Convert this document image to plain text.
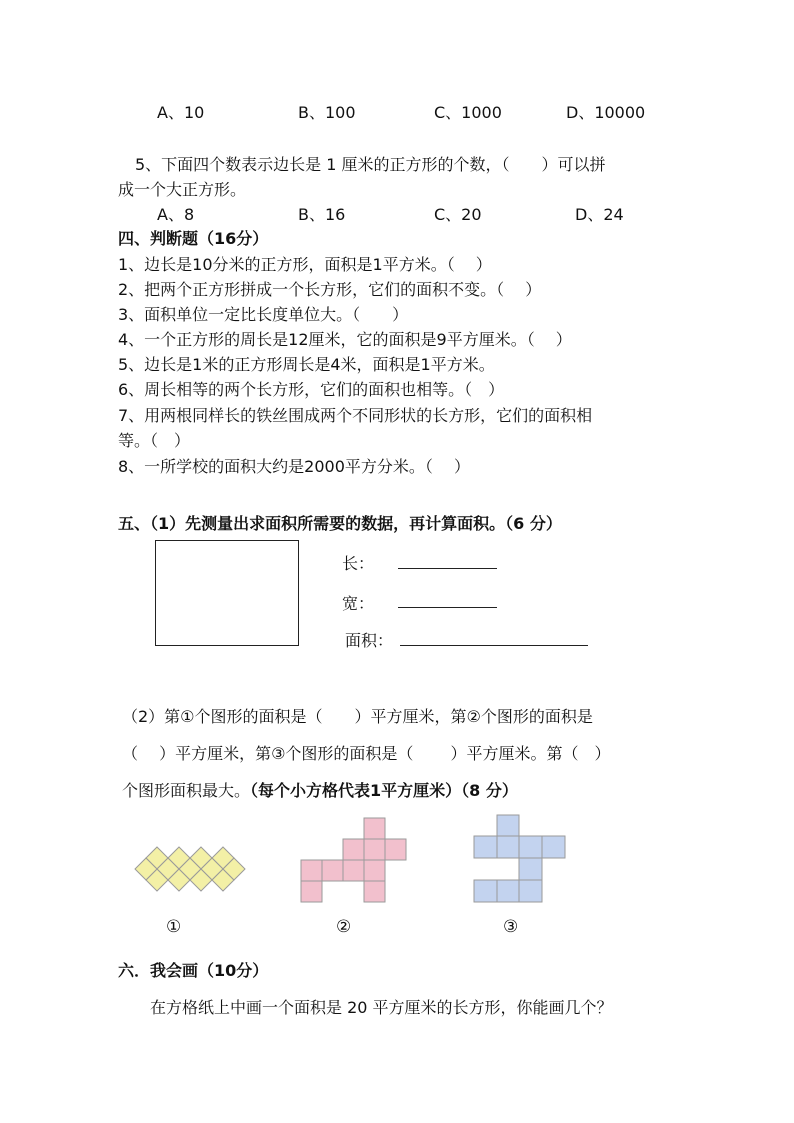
A、10	B、100	C、1000	D、10000
5、下面四个数表示边长是 1 厘米的正方形的个数，（　　）可以拼
成一个大正方形。
A、8	B、16	C、20	D、24
四、判断题（16分）
1、边长是10分米的正方形，面积是1平方米。（　 ）
2、把两个正方形拼成一个长方形，它们的面积不变。（　 ）
3、面积单位一定比长度单位大。（　　）
4、一个正方形的周长是12厘米，它的面积是9平方厘米。（　 ）
5、边长是1米的正方形周长是4米，面积是1平方米。
6、周长相等的两个长方形，它们的面积也相等。（　）
7、用两根同样长的铁丝围成两个不同形状的长方形，它们的面积相
等。（　）
8、一所学校的面积大约是2000平方分米。（　 ）
五、（1）先测量出求面积所需要的数据，再计算面积。（6 分）
长：
宽：
面积：
（2）第①个图形的面积是（　　）平方厘米，第②个图形的面积是
（　 ）平方厘米，第③个图形的面积是（　　 ）平方厘米。第（　）
个图形面积最大。（每个小方格代表1平方厘米）（8 分）
①	②	③
六．我会画（10分）
在方格纸上中画一个面积是 20 平方厘米的长方形，你能画几个？
